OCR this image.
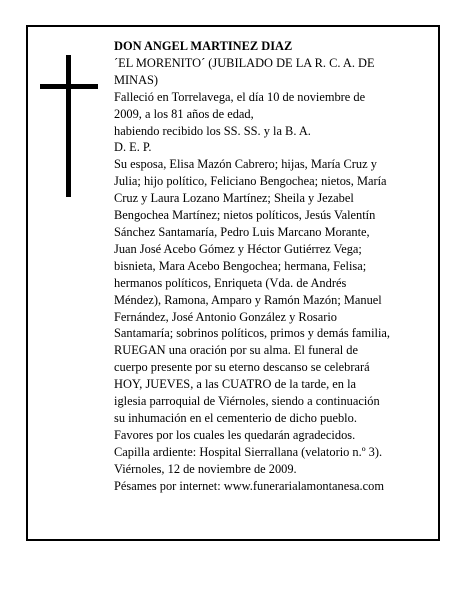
DON ANGEL MARTINEZ DIAZ
´EL MORENITO´ (JUBILADO DE LA R. C. A. DE
MINAS)
Falleció en Torrelavega, el día 10 de noviembre de
2009, a los 81 años de edad,
habiendo recibido los SS. SS. y la B. A.
D. E. P.
Su esposa, Elisa Mazón Cabrero; hijas, María Cruz y
Julia; hijo político, Feliciano Bengochea; nietos, María
Cruz y Laura Lozano Martínez; Sheila y Jezabel
Bengochea Martínez; nietos políticos, Jesús Valentín
Sánchez Santamaría, Pedro Luis Marcano Morante,
Juan José Acebo Gómez y Héctor Gutiérrez Vega;
bisnieta, Mara Acebo Bengochea; hermana, Felisa;
hermanos políticos, Enriqueta (Vda. de Andrés
Méndez), Ramona, Amparo y Ramón Mazón; Manuel
Fernández, José Antonio González y Rosario
Santamaría; sobrinos políticos, primos y demás familia,
RUEGAN una oración por su alma. El funeral de
cuerpo presente por su eterno descanso se celebrará
HOY, JUEVES, a las CUATRO de la tarde, en la
iglesia parroquial de Viérnoles, siendo a continuación
su inhumación en el cementerio de dicho pueblo.
Favores por los cuales les quedarán agradecidos.
Capilla ardiente: Hospital Sierrallana (velatorio n.º 3).
Viérnoles, 12 de noviembre de 2009.
Pésames por internet: www.funerarialamontanesa.com
